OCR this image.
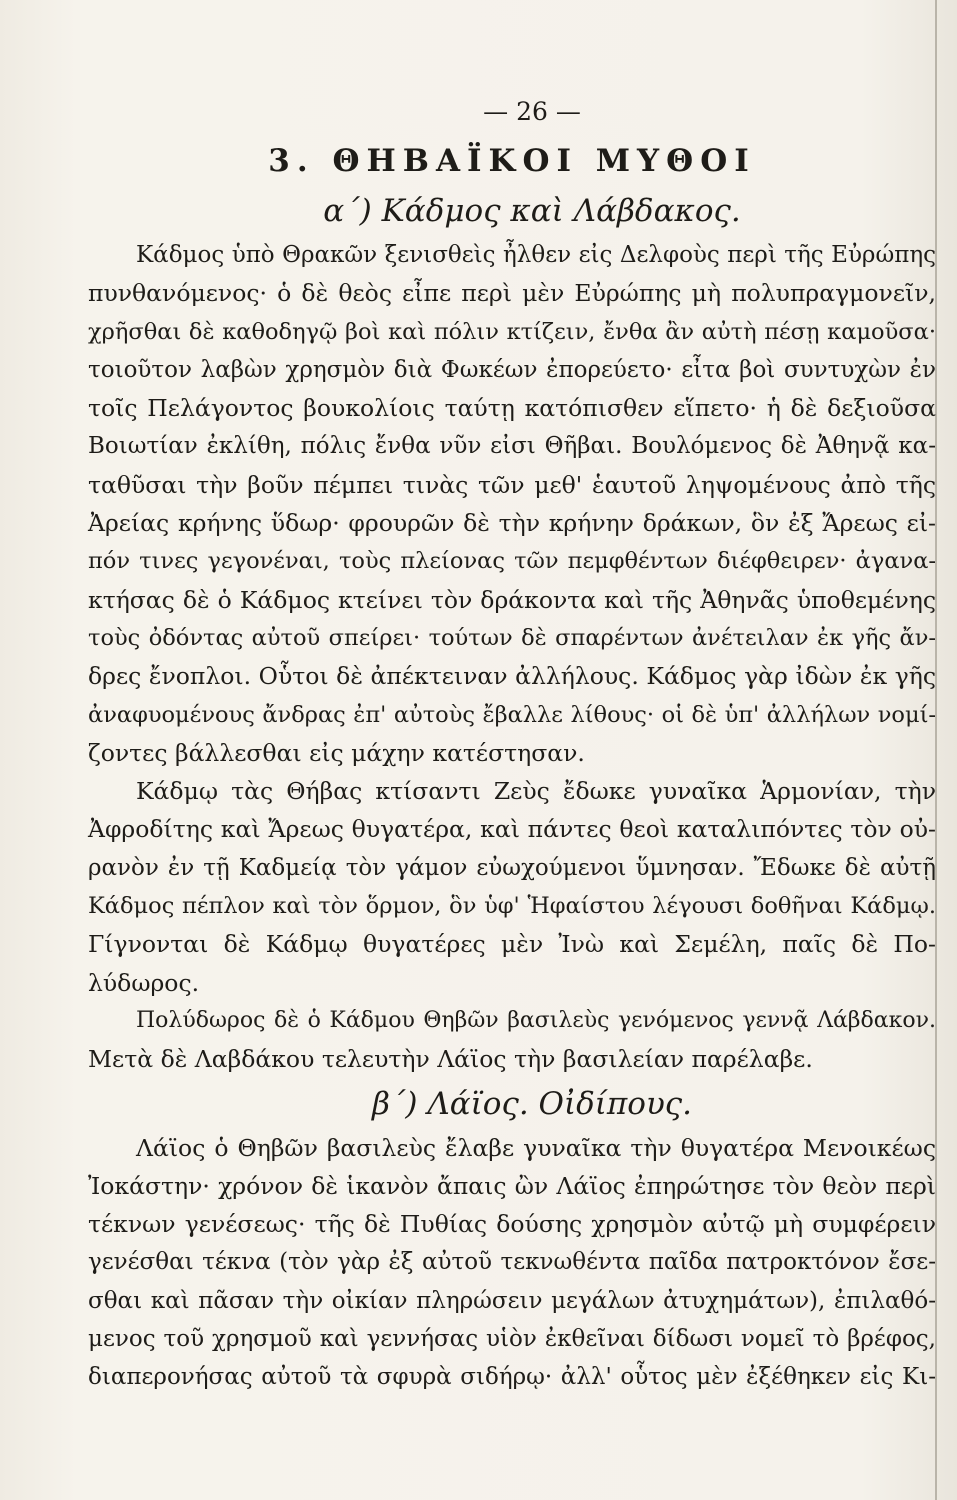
— 26 —
3. ΘΗΒΑΪΚΟΙ ΜΥΘΟΙ
α΄) Κάδμος καὶ Λάβδακος.

Κάδμος ὑπὸ Θρακῶν ξενισθεὶς ἦλθεν εἰς Δελφοὺς περὶ τῆς Εὐρώπης
πυνθανόμενος· ὁ δὲ θεὸς εἶπε περὶ μὲν Εὐρώπης μὴ πολυπραγμονεῖν,
χρῆσθαι δὲ καθοδηγῷ βοὶ καὶ πόλιν κτίζειν, ἔνθα ἂν αὐτὴ πέσῃ καμοῦσα·
τοιοῦτον λαβὼν χρησμὸν διὰ Φωκέων ἐπορεύετο· εἶτα βοὶ συντυχὼν ἐν
τοῖς Πελάγοντος βουκολίοις ταύτῃ κατόπισθεν εἵπετο· ἡ δὲ δεξιοῦσα
Βοιωτίαν ἐκλίθη, πόλις ἔνθα νῦν εἰσι Θῆβαι. Βουλόμενος δὲ Ἀθηνᾷ κα-
ταθῦσαι τὴν βοῦν πέμπει τινὰς τῶν μεθ' ἑαυτοῦ ληψομένους ἀπὸ τῆς
Ἀρείας κρήνης ὕδωρ· φρουρῶν δὲ τὴν κρήνην δράκων, ὃν ἐξ Ἄρεως εἰ-
πόν τινες γεγονέναι, τοὺς πλείονας τῶν πεμφθέντων διέφθειρεν· ἀγανα-
κτήσας δὲ ὁ Κάδμος κτείνει τὸν δράκοντα καὶ τῆς Ἀθηνᾶς ὑποθεμένης
τοὺς ὀδόντας αὐτοῦ σπείρει· τούτων δὲ σπαρέντων ἀνέτειλαν ἐκ γῆς ἄν-
δρες ἔνοπλοι. Οὗτοι δὲ ἀπέκτειναν ἀλλήλους. Κάδμος γὰρ ἰδὼν ἐκ γῆς
ἀναφυομένους ἄνδρας ἐπ' αὐτοὺς ἔβαλλε λίθους· οἱ δὲ ὑπ' ἀλλήλων νομί-
ζοντες βάλλεσθαι εἰς μάχην κατέστησαν.

Κάδμῳ τὰς Θήβας κτίσαντι Ζεὺς ἔδωκε γυναῖκα Ἁρμονίαν, τὴν
Ἀφροδίτης καὶ Ἄρεως θυγατέρα, καὶ πάντες θεοὶ καταλιπόντες τὸν οὐ-
ρανὸν ἐν τῇ Καδμείᾳ τὸν γάμον εὐωχούμενοι ὕμνησαν. Ἔδωκε δὲ αὐτῇ
Κάδμος πέπλον καὶ τὸν ὅρμον, ὃν ὑφ' Ἡφαίστου λέγουσι δοθῆναι Κάδμῳ.
Γίγνονται δὲ Κάδμῳ θυγατέρες μὲν Ἰνὼ καὶ Σεμέλη, παῖς δὲ Πο-
λύδωρος.

Πολύδωρος δὲ ὁ Κάδμου Θηβῶν βασιλεὺς γενόμενος γεννᾷ Λάβδακον.
Μετὰ δὲ Λαβδάκου τελευτὴν Λάϊος τὴν βασιλείαν παρέλαβε.

β΄) Λάϊος. Οἰδίπους.

Λάϊος ὁ Θηβῶν βασιλεὺς ἔλαβε γυναῖκα τὴν θυγατέρα Μενοικέως
Ἰοκάστην· χρόνον δὲ ἱκανὸν ἄπαις ὢν Λάϊος ἐπηρώτησε τὸν θεὸν περὶ
τέκνων γενέσεως· τῆς δὲ Πυθίας δούσης χρησμὸν αὐτῷ μὴ συμφέρειν
γενέσθαι τέκνα (τὸν γὰρ ἐξ αὐτοῦ τεκνωθέντα παῖδα πατροκτόνον ἔσε-
σθαι καὶ πᾶσαν τὴν οἰκίαν πληρώσειν μεγάλων ἀτυχημάτων), ἐπιλαθό-
μενος τοῦ χρησμοῦ καὶ γεννήσας υἱὸν ἐκθεῖναι δίδωσι νομεῖ τὸ βρέφος,
διαπερονήσας αὐτοῦ τὰ σφυρὰ σιδήρῳ· ἀλλ' οὗτος μὲν ἐξέθηκεν εἰς Κι-
